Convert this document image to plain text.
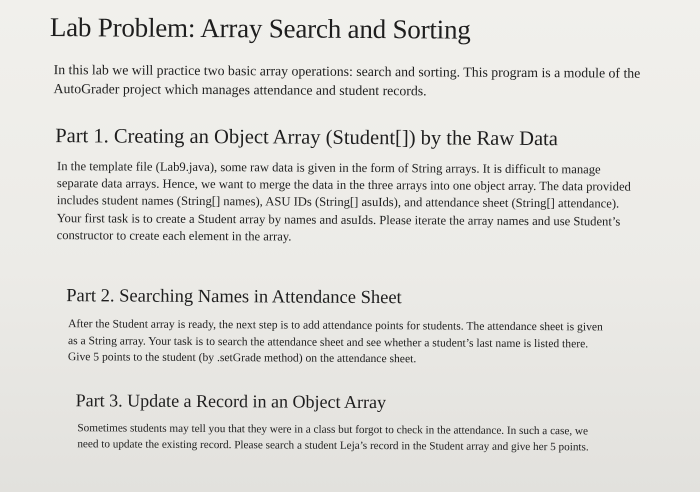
Lab Problem: Array Search and Sorting

In this lab we will practice two basic array operations: search and sorting. This program is a module of the AutoGrader project which manages attendance and student records.

Part 1. Creating an Object Array (Student[]) by the Raw Data

In the template file (Lab9.java), some raw data is given in the form of String arrays. It is difficult to manage separate data arrays. Hence, we want to merge the data in the three arrays into one object array. The data provided includes student names (String[] names), ASU IDs (String[] asuIds), and attendance sheet (String[] attendance). Your first task is to create a Student array by names and asuIds. Please iterate the array names and use Student’s constructor to create each element in the array.

Part 2. Searching Names in Attendance Sheet

After the Student array is ready, the next step is to add attendance points for students. The attendance sheet is given as a String array. Your task is to search the attendance sheet and see whether a student’s last name is listed there. Give 5 points to the student (by .setGrade method) on the attendance sheet.

Part 3. Update a Record in an Object Array

Sometimes students may tell you that they were in a class but forgot to check in the attendance. In such a case, we need to update the existing record. Please search a student Leja’s record in the Student array and give her 5 points.
